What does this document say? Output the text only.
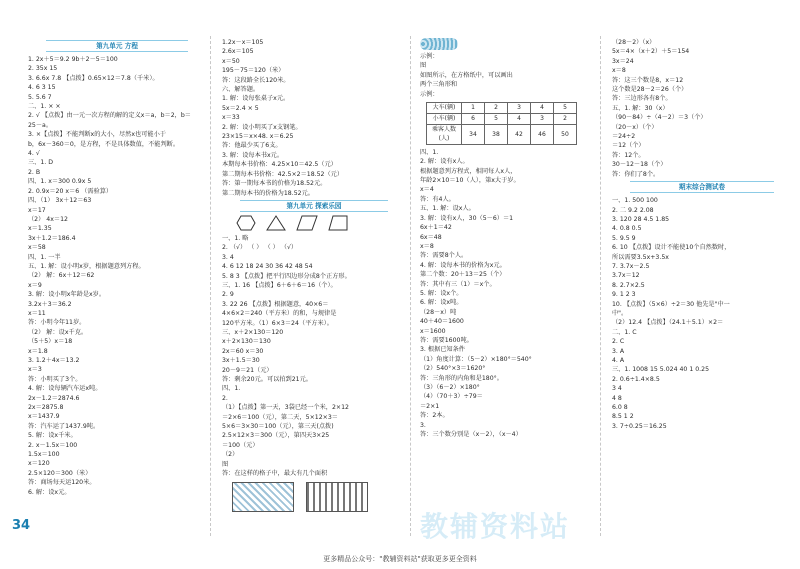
第九单元 方程
1. 2x＋5＝9.2 9b＋2－5＝100
2. 35x 15
3. 6.6x 7.8 【点拨】0.65×12＝7.8（千米）。
4. 6 3 15
5. 5.6 7
二、1. × ×
2. √ 【点拨】由一元一次方程的解的定义x＝a，b＝2，b＝
25－a。
3. ×【点拨】不能判断x的大小，尽然x也可能小于
b，6x－360＝0，是方程，不是具体数值，不能判断。
4. √
三、1. D
2. B
四、1. x＝300 0.9x 5
2. 0.9x＝20 x＝6 （需验算）
四、（1） 3x＋12＝63
x＝17
（2） 4x＝12
x＝1.35
3x＋1.2＝186.4
x＝58
四、1. 一半
五、1. 解：设小明x岁，根据题意列方程。
（2） 解：6x＋12＝62
x＝9
3. 解：设小明x年龄是x岁。
3.2x＋3＝36.2
x＝11
答：小明今年11岁。
（2） 解：设x千克。
（5＋5）x＝18
x＝1.8
3. 1.2＋4x＝13.2
x＝3
答：小明买了3个。
4. 解：设每辆汽车运x吨。
2x－1.2＝2874.6
2x＝2875.8
x＝1437.9
答：汽车运了1437.9吨。
5. 解：设x千米。
2. x－1.5x＝100
1.5x＝100
x＝120
2.5×120＝300（米）
答：商场每天运120米。
6. 解：设x元。
1.2x－x＝105
2.6x＝105
x＝50
195－75＝120（米）
答：这段路全长120米。
六、解答题。
1. 解：设每张桌子x元。
5x＝2.4 × 5
x＝33
2. 解：设小明买了x支钢笔。
23×15＝x×48. x＝6.25
答：他最少买了6支。
3. 解：设每本书x元。
本期每本书价格：4.25×10＝42.5（元）
第二期每本书价格：42.5×2＝18.52（元）
答：第一期每本书的价格为18.52元。
第二期每本书的价格为18.52元。
第九单元 探索乐园
一、1. 略
2. （√） （ ） （ ） （√）
3. 4
4. 6 12 18 24 30 36 42 48 54
5. 8 3 【点拨】把平行四边形分成8个正方形。
三、1. 16 【点拨】6＋6＋6＝16（个）。
2. 9
3. 22 26 【点拨】根据题意，40×6＝
4×6×2＝240（平方米）的和，与规律是
120平方米。（1）6×3＝24（平方米）。
三、x＋2×130＝120
x＋2×130＝130
2x＝60 x＝30
3x＋1.5＝30
20－9＝21（元）
答：剩余20元。可以拍到21元。
四、1.
2.
（1）【点拨】第一天，3袋已经一个米，2×12
＝2×6＝100（元），第二天，5×12×3＝
5×6＝3×30＝100（元），第三天(点拨)
2.5×12×3＝300（元），第四天3×25
＝100（元）
（2）
图
答：在这样的格子中，最大有几个面积

示例：
图
如图所示，在方格纸中，可以画出
两个三角形和
示例：
大车(辆)	1	2	3	4	5
小车(辆)	6	5	4	3	2
乘客人数(人)	34	38	42	46	50
四、1.
2. 解：设有x人。
根据题意列方程式，相同每人x人，
年龄2×10＝10（人），第x大于岁。
x＝4
答：有4人。
五、1. 解：设x人。
3. 解：设有x人，30（5－6）＝1
6x＋1＝42
6x＝48
x＝8
答：需要8个人。
4. 解：设每本书的价格为x元。
第二个数：20＋13＝25（个）
答：其中有三（1）＝x个。
5. 解：设x个。
6. 解：设x吨。
（28－x）吨
40＋40＝1600
x＝1600
答：需要1600吨。
3. 根据已知条件
（1）角度计算：（5－2）×180°＝540°
（2）540°×3＝1620°
答：三角形的内角和是180°。
（3）（6－2）×180°
（4）（70＋3）÷79＝
＝2×1
答：2本。
3.
答：三个数分别是（x－2），（x－4）
（28－2）（x）
5x＝4×（x＋2）＋5＝154
3x＝24
x＝8
答：这三个数是8，x＝12
这个数是28－2＝26（个）
答：三边形各有8个。
五、1. 解：30（x）
（90－84）÷（4－2）＝3（个）
（20－x）（个）
＝24÷2
＝12（个）
答：12个。
30－12－18（个）
答：你们了8个。
期末综合测试卷
一、1. 500 100
2. 二 9.2 2.08
3. 120 28 4.5 1.85
4. 0.8 0.5
5. 9.5 9
6. 10 【点拨】设计不能使10个自然数时，
所以需要3.5x+3.5x
7. 3.7x－2.5
3.7x＝12
8. 2.7×2.5
9. 1 2 3
10. 【点拨】（5×6）÷2＝30 他先是"中一
中"。
（2）12.4 【点拨】（24.1＋5.1）×2＝
二、1. C
2. C
3. A
4. A
三、1. 1008 15 5.024 40 1 0.25
2. 0.6÷1.4×8.5
3 4
4 8
6.0 8
8.5 1 2
3. 7÷0.25＝16.25
教辅资料站
34
更多精品公众号："教辅资料站"获取更多更全资料
